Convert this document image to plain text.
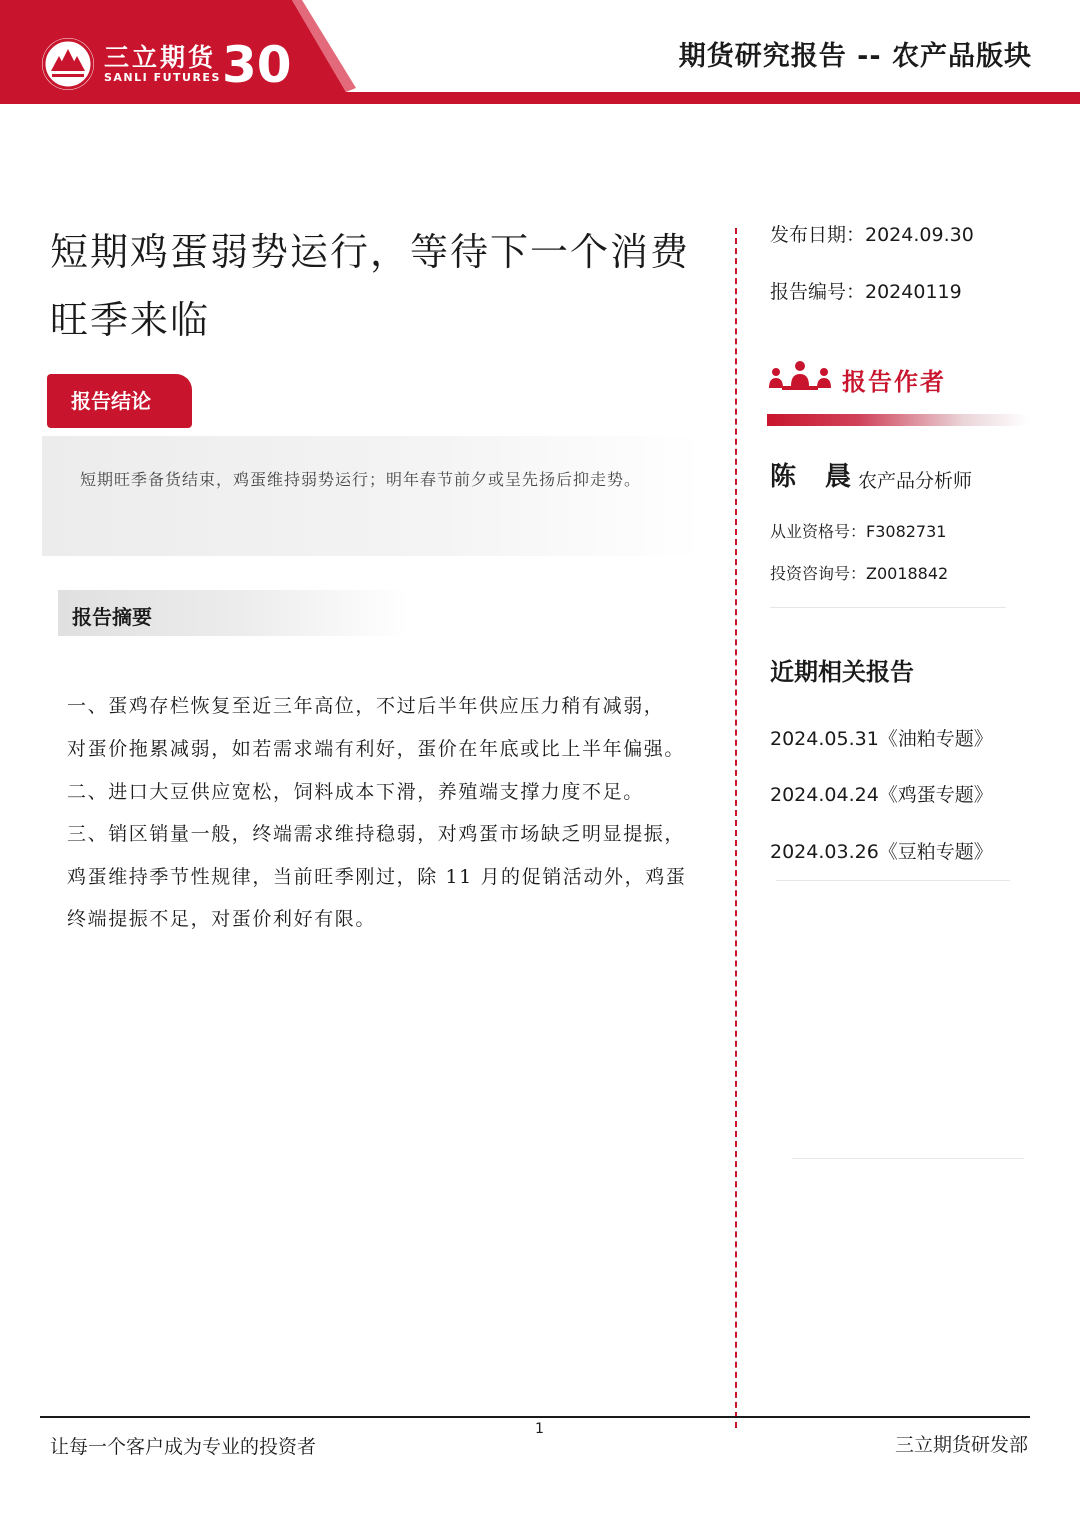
三立期货
SANLI FUTURES 30	期货研究报告 -- 农产品版块
短期鸡蛋弱势运行，等待下一个消费旺季来临
报告结论
短期旺季备货结束，鸡蛋维持弱势运行；明年春节前夕或呈先扬后抑走势。
报告摘要
一、蛋鸡存栏恢复至近三年高位，不过后半年供应压力稍有减弱，
对蛋价拖累减弱，如若需求端有利好，蛋价在年底或比上半年偏强。
二、进口大豆供应宽松，饲料成本下滑，养殖端支撑力度不足。
三、销区销量一般，终端需求维持稳弱，对鸡蛋市场缺乏明显提振，
鸡蛋维持季节性规律，当前旺季刚过，除 11 月的促销活动外，鸡蛋
终端提振不足，对蛋价利好有限。
发布日期：2024.09.30
报告编号：20240119
报告作者
陈 晨
农产品分析师
从业资格号：F3082731
投资咨询号：Z0018842
近期相关报告
2024.05.31《油粕专题》
2024.04.24《鸡蛋专题》
2024.03.26《豆粕专题》
让每一个客户成为专业的投资者
1
三立期货研发部
